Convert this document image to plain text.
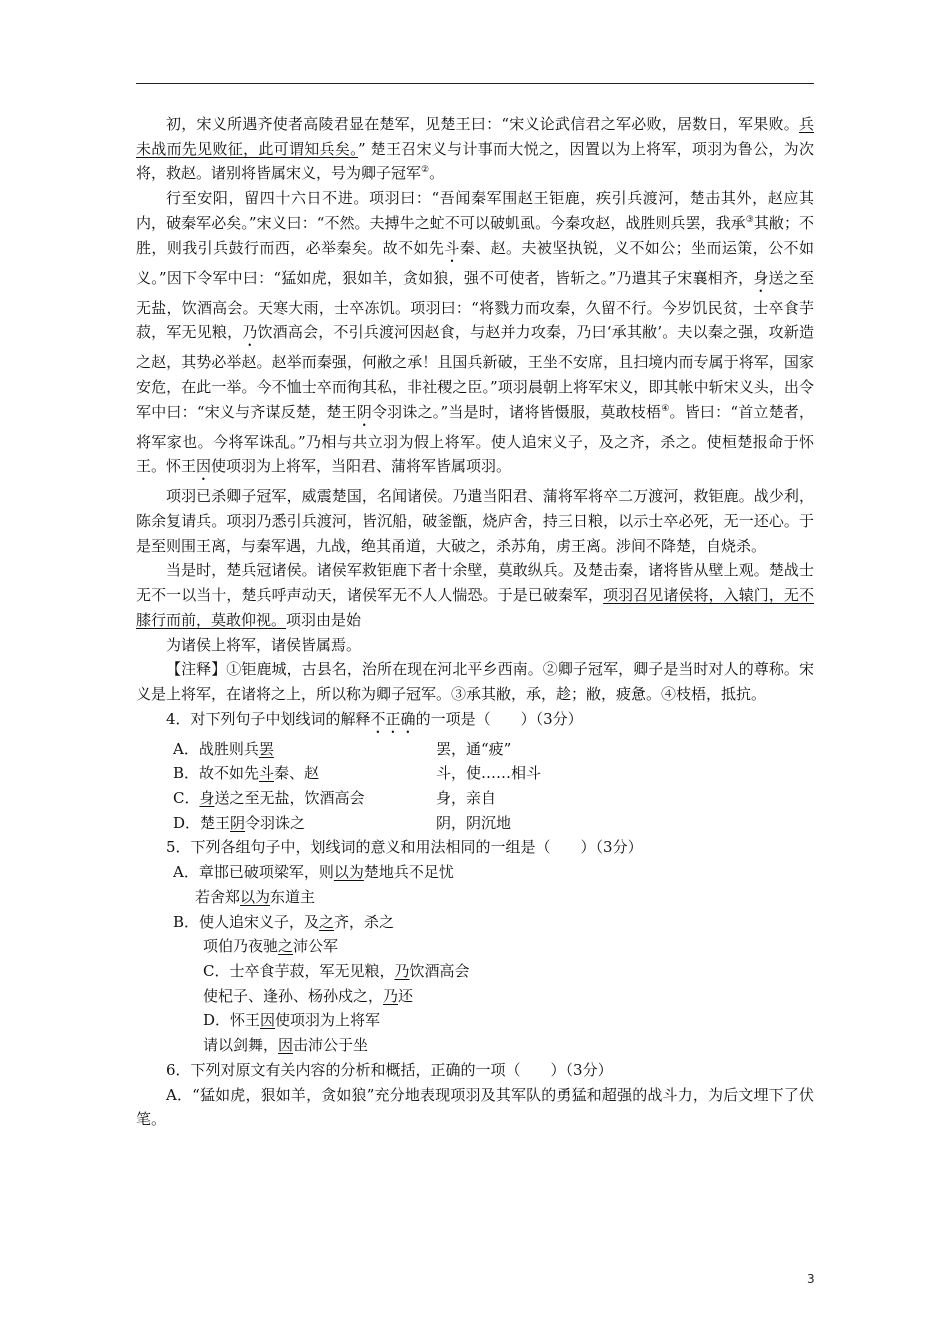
初，宋义所遇齐使者高陵君显在楚军，见楚王曰：“宋义论武信君之军必败，居数日，军果败。兵未战而先见败征，此可谓知兵矣。” 楚王召宋义与计事而大悦之，因置以为上将军，项羽为鲁公，为次将，救赵。诸别将皆属宋义，号为卿子冠军②。

行至安阳，留四十六日不进。项羽曰：“吾闻秦军围赵王钜鹿，疾引兵渡河，楚击其外，赵应其内，破秦军必矣。”宋义曰：“不然。夫搏牛之虻不可以破虮虱。今秦攻赵，战胜则兵罢，我承③其敝；不胜，则我引兵鼓行而西，必举秦矣。故不如先斗秦、赵。夫被坚执锐，义不如公；坐而运策，公不如义。”因下令军中曰：“猛如虎，狠如羊，贪如狼，强不可使者，皆斩之。”乃遣其子宋襄相齐，身送之至无盐，饮酒高会。天寒大雨，士卒冻饥。项羽曰：“将戮力而攻秦，久留不行。今岁饥民贫，士卒食芋菽，军无见粮，乃饮酒高会，不引兵渡河因赵食，与赵并力攻秦，乃曰‘承其敝’。夫以秦之强，攻新造之赵，其势必举赵。赵举而秦强，何敝之承！且国兵新破，王坐不安席，且扫境内而专属于将军，国家安危，在此一举。今不恤士卒而徇其私，非社稷之臣。”项羽晨朝上将军宋义，即其帐中斩宋义头，出令军中曰：“宋义与齐谋反楚，楚王阴令羽诛之。”当是时，诸将皆慑服，莫敢枝梧④。皆曰：“首立楚者，将军家也。今将军诛乱。”乃相与共立羽为假上将军。使人追宋义子，及之齐，杀之。使桓楚报命于怀王。怀王因使项羽为上将军，当阳君、蒲将军皆属项羽。

项羽已杀卿子冠军，威震楚国，名闻诸侯。乃遣当阳君、蒲将军将卒二万渡河，救钜鹿。战少利，陈余复请兵。项羽乃悉引兵渡河，皆沉船，破釜甑，烧庐舍，持三日粮，以示士卒必死，无一还心。于是至则围王离，与秦军遇，九战，绝其甬道，大破之，杀苏角，虏王离。涉间不降楚，自烧杀。

当是时，楚兵冠诸侯。诸侯军救钜鹿下者十余壁，莫敢纵兵。及楚击秦，诸将皆从壁上观。楚战士无不一以当十，楚兵呼声动天，诸侯军无不人人惴恐。于是已破秦军，项羽召见诸侯将，入辕门，无不膝行而前，莫敢仰视。项羽由是始

为诸侯上将军，诸侯皆属焉。

【注释】①钜鹿城，古县名，治所在现在河北平乡西南。②卿子冠军，卿子是当时对人的尊称。宋义是上将军，在诸将之上，所以称为卿子冠军。③承其敝，承，趁；敝，疲惫。④枝梧，抵抗。

4．对下列句子中划线词的解释不正确的一项是（　　）（3分）

A．战胜则兵罢	罢，通“疲”

B．故不如先斗秦、赵	斗，使……相斗

C．身送之至无盐，饮酒高会	身，亲自

D．楚王阴令羽诛之	阴，阴沉地

5．下列各组句子中，划线词的意义和用法相同的一组是（　　）（3分）

A．章邯已破项梁军，则以为楚地兵不足忧

若舍郑以为东道主

B．使人追宋义子，及之齐，杀之

项伯乃夜驰之沛公军

C．士卒食芋菽，军无见粮，乃饮酒高会

使杞子、逢孙、杨孙戍之，乃还

D．怀王因使项羽为上将军

请以剑舞，因击沛公于坐

6．下列对原文有关内容的分析和概括，正确的一项（　　）（3分）

A．“猛如虎，狠如羊，贪如狼”充分地表现项羽及其军队的勇猛和超强的战斗力，为后文埋下了伏笔。

3
